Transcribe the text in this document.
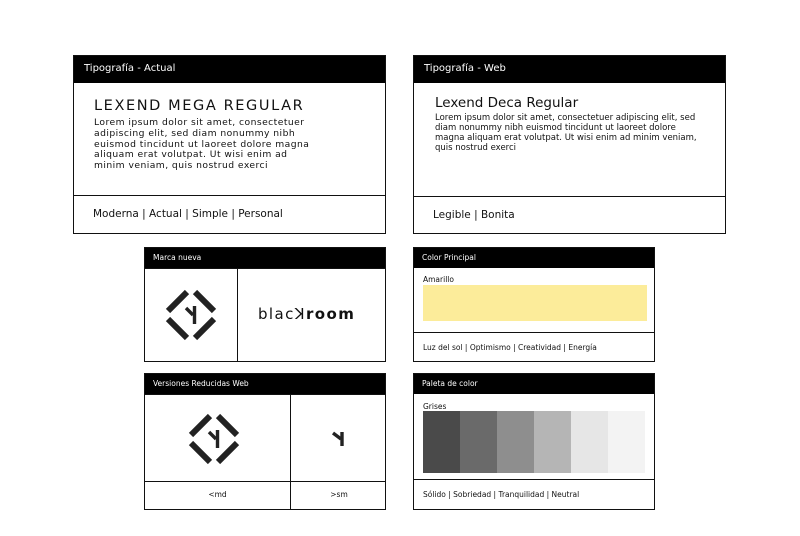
Tipografía - Actual
LEXEND MEGA REGULAR
Lorem ipsum dolor sit amet, consectetuer
adipiscing elit, sed diam nonummy nibh
euismod tincidunt ut laoreet dolore magna
aliquam erat volutpat. Ut wisi enim ad
minim veniam, quis nostrud exerci
Moderna | Actual | Simple | Personal
Tipografía - Web
Lexend Deca Regular
Lorem ipsum dolor sit amet, consectetuer adipiscing elit, sed
diam nonummy nibh euismod tincidunt ut laoreet dolore
magna aliquam erat volutpat. Ut wisi enim ad minim veniam,
quis nostrud exerci
Legible | Bonita
Marca nueva
blacꓘroom
Versiones Reducidas Web
<md	>sm
Color Principal
Amarillo
Luz del sol | Optimismo | Creatividad | Energía
Paleta de color
Grises
Sólido | Sobriedad | Tranquilidad | Neutral
